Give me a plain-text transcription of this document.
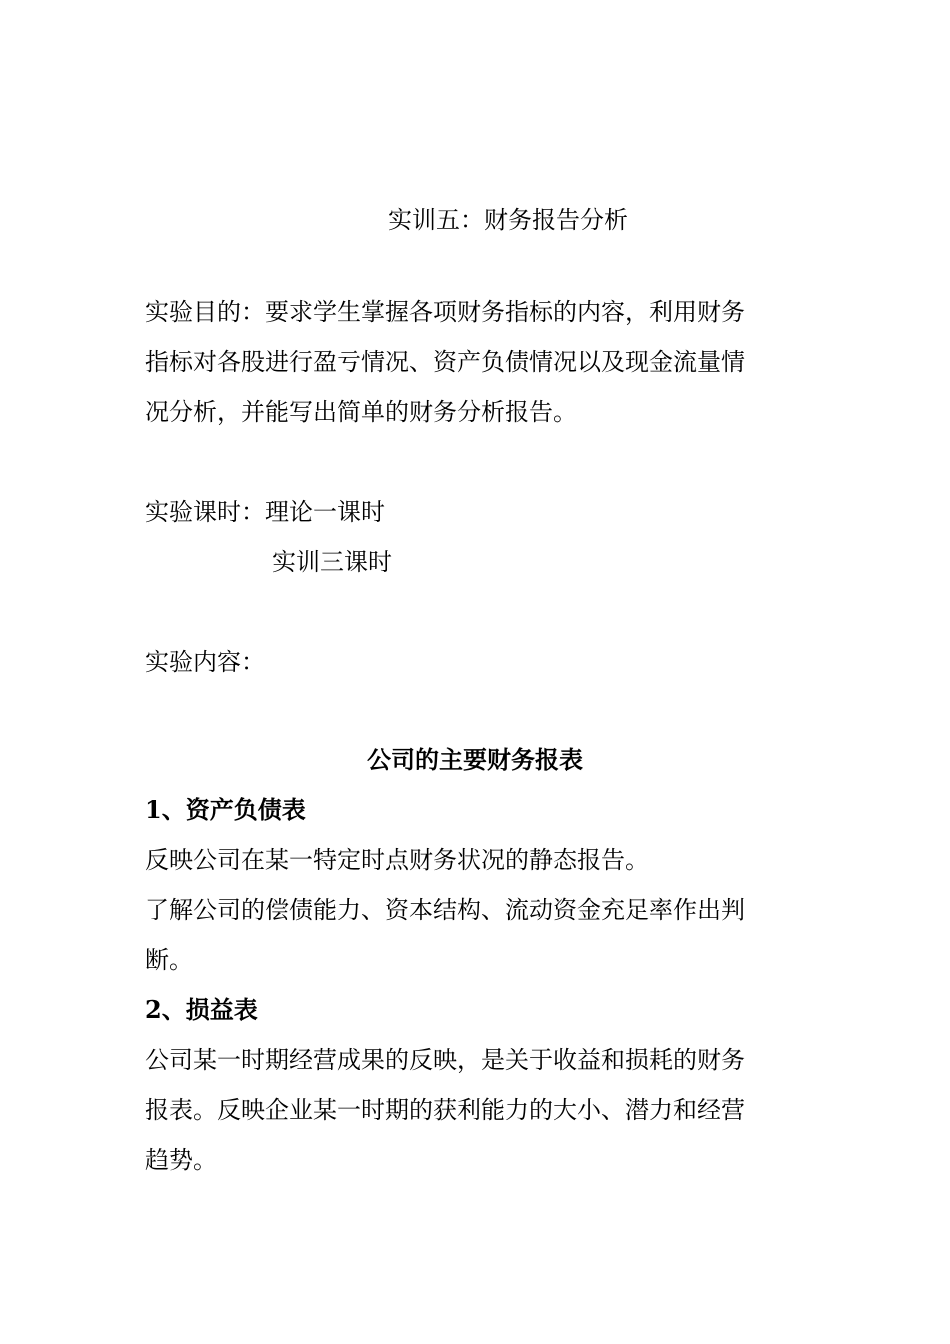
实训五：财务报告分析
实验目的：要求学生掌握各项财务指标的内容，利用财务
指标对各股进行盈亏情况、资产负债情况以及现金流量情
况分析，并能写出简单的财务分析报告。
实验课时：理论一课时
实训三课时
实验内容：
公司的主要财务报表
1、资产负债表
反映公司在某一特定时点财务状况的静态报告。
了解公司的偿债能力、资本结构、流动资金充足率作出判
断。
2、损益表
公司某一时期经营成果的反映，是关于收益和损耗的财务
报表。反映企业某一时期的获利能力的大小、潜力和经营
趋势。
